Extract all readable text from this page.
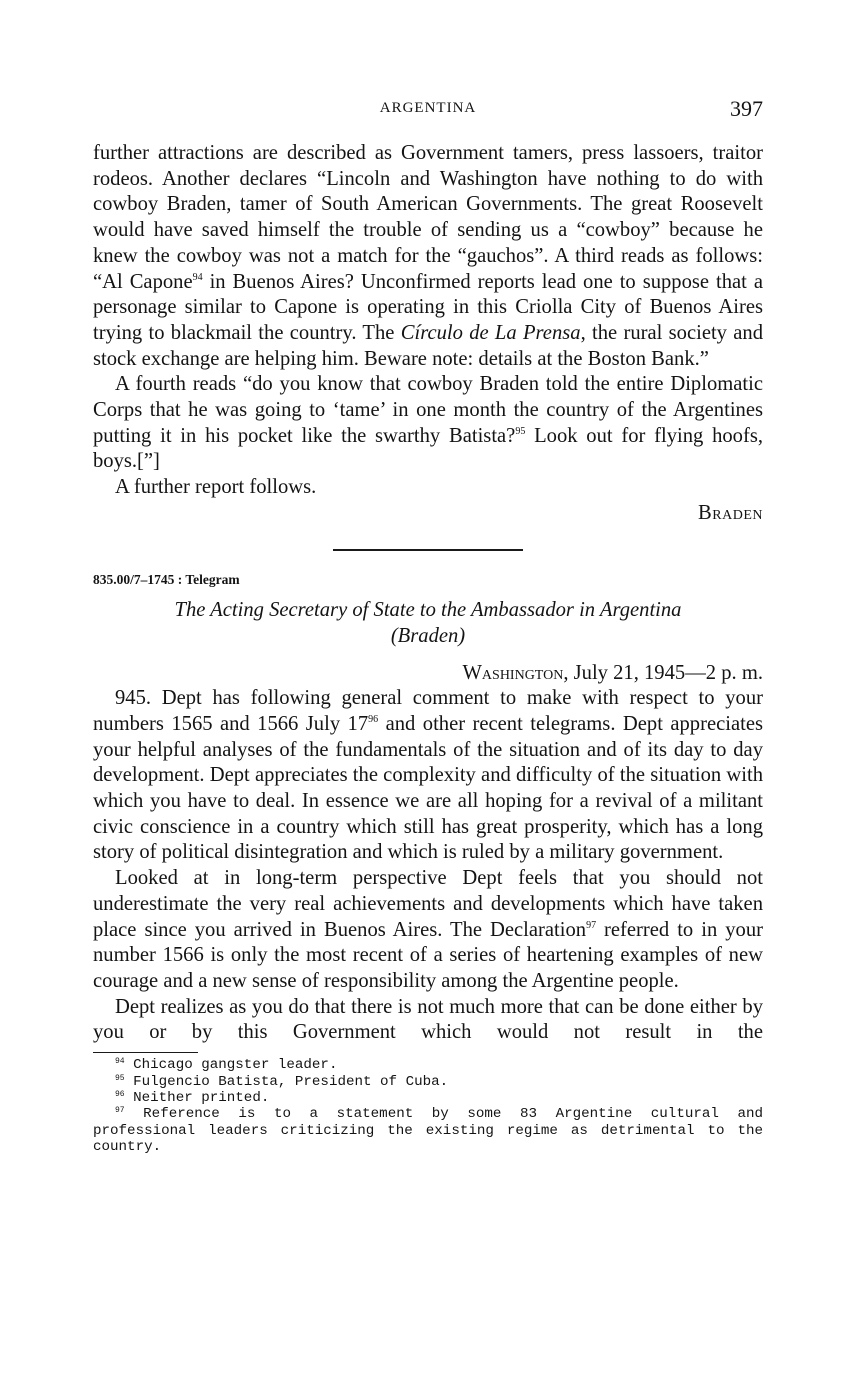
ARGENTINA	397

further attractions are described as Government tamers, press lassoers, traitor rodeos. Another declares “Lincoln and Washington have nothing to do with cowboy Braden, tamer of South American Governments. The great Roosevelt would have saved himself the trouble of sending us a “cowboy” because he knew the cowboy was not a match for the “gauchos”. A third reads as follows: “Al Capone$^{94}$ in Buenos Aires? Unconfirmed reports lead one to suppose that a personage similar to Capone is operating in this Criolla City of Buenos Aires trying to blackmail the country. The Círculo de La Prensa, the rural society and stock exchange are helping him. Beware note: details at the Boston Bank.”

A fourth reads “do you know that cowboy Braden told the entire Diplomatic Corps that he was going to ‘tame’ in one month the country of the Argentines putting it in his pocket like the swarthy Batista?$^{95}$ Look out for flying hoofs, boys.[”]

A further report follows.

Braden

835.00/7–1745 : Telegram

The Acting Secretary of State to the Ambassador in Argentina
(Braden)

Washington, July 21, 1945—2 p. m.

945. Dept has following general comment to make with respect to your numbers 1565 and 1566 July $17^{96}$ and other recent telegrams. Dept appreciates your helpful analyses of the fundamentals of the situation and of its day to day development. Dept appreciates the complexity and difficulty of the situation with which you have to deal. In essence we are all hoping for a revival of a militant civic conscience in a country which still has great prosperity, which has a long story of political disintegration and which is ruled by a military government.

Looked at in long-term perspective Dept feels that you should not underestimate the very real achievements and developments which have taken place since you arrived in Buenos Aires. The Declaration$^{97}$ referred to in your number 1566 is only the most recent of a series of heartening examples of new courage and a new sense of responsibility among the Argentine people.

Dept realizes as you do that there is not much more that can be done either by you or by this Government which would not result in the

$^{94}$ Chicago gangster leader.

$^{95}$ Fulgencio Batista, President of Cuba.

$^{96}$ Neither printed.

$^{97}$ Reference is to a statement by some 83 Argentine cultural and professional leaders criticizing the existing regime as detrimental to the country.
